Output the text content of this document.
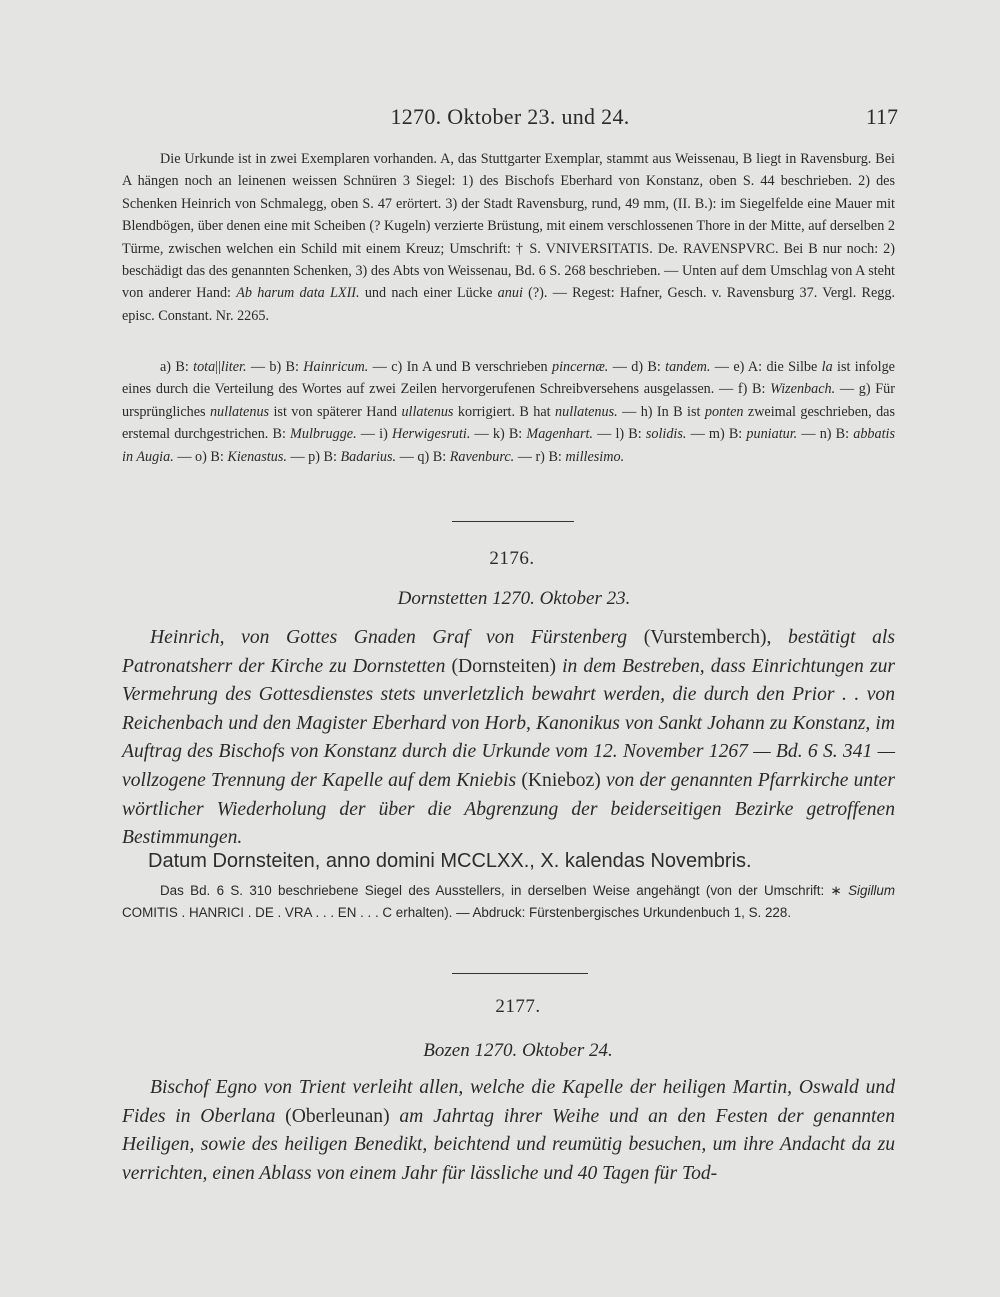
1270. Oktober 23. und 24.	117

Die Urkunde ist in zwei Exemplaren vorhanden. A, das Stuttgarter Exemplar, stammt aus Weissenau, B liegt in Ravensburg. Bei A hängen noch an leinenen weissen Schnüren 3 Siegel: 1) des Bischofs Eberhard von Konstanz, oben S. 44 beschrieben. 2) des Schenken Heinrich von Schmalegg, oben S. 47 erörtert. 3) der Stadt Ravensburg, rund, 49 mm, (II. B.): im Siegelfelde eine Mauer mit Blendbögen, über denen eine mit Scheiben (? Kugeln) verzierte Brüstung, mit einem verschlossenen Thore in der Mitte, auf derselben 2 Türme, zwischen welchen ein Schild mit einem Kreuz; Umschrift: † S. VNIVERSITATIS. De. RAVENSPVRC. Bei B nur noch: 2) beschädigt das des genannten Schenken, 3) des Abts von Weissenau, Bd. 6 S. 268 beschrieben. — Unten auf dem Umschlag von A steht von anderer Hand: Ab harum data LXII. und nach einer Lücke anui (?). — Regest: Hafner, Gesch. v. Ravensburg 37. Vergl. Regg. episc. Constant. Nr. 2265.

a) B: tota||liter. — b) B: Hainricum. — c) In A und B verschrieben pincernæ. — d) B: tandem. — e) A: die Silbe la ist infolge eines durch die Verteilung des Wortes auf zwei Zeilen hervorgerufenen Schreibversehens ausgelassen. — f) B: Wizenbach. — g) Für ursprüngliches nullatenus ist von späterer Hand ullatenus korrigiert. B hat nullatenus. — h) In B ist ponten zweimal geschrieben, das erstemal durchgestrichen. B: Mulbrugge. — i) Herwigesruti. — k) B: Magenhart. — l) B: solidis. — m) B: puniatur. — n) B: abbatis in Augia. — o) B: Kienastus. — p) B: Badarius. — q) B: Ravenburc. — r) B: millesimo.

2176.
Dornstetten 1270. Oktober 23.

Heinrich, von Gottes Gnaden Graf von Fürstenberg (Vurstemberch), bestätigt als Patronatsherr der Kirche zu Dornstetten (Dornsteiten) in dem Bestreben, dass Einrichtungen zur Vermehrung des Gottesdienstes stets unverletzlich bewahrt werden, die durch den Prior . . von Reichenbach und den Magister Eberhard von Horb, Kanonikus von Sankt Johann zu Konstanz, im Auftrag des Bischofs von Konstanz durch die Urkunde vom 12. November 1267 — Bd. 6 S. 341 — vollzogene Trennung der Kapelle auf dem Kniebis (Knieboz) von der genannten Pfarrkirche unter wörtlicher Wiederholung der über die Abgrenzung der beiderseitigen Bezirke getroffenen Bestimmungen.

Datum Dornsteiten, anno domini MCCLXX., X. kalendas Novembris.

Das Bd. 6 S. 310 beschriebene Siegel des Ausstellers, in derselben Weise angehängt (von der Umschrift: ∗ Sigillum COMITIS . HANRICI . DE . VRA . . . EN . . . C erhalten). — Abdruck: Fürstenbergisches Urkundenbuch 1, S. 228.

2177.
Bozen 1270. Oktober 24.

Bischof Egno von Trient verleiht allen, welche die Kapelle der heiligen Martin, Oswald und Fides in Oberlana (Oberleunan) am Jahrtag ihrer Weihe und an den Festen der genannten Heiligen, sowie des heiligen Benedikt, beichtend und reumütig besuchen, um ihre Andacht da zu verrichten, einen Ablass von einem Jahr für lässliche und 40 Tagen für Tod-
